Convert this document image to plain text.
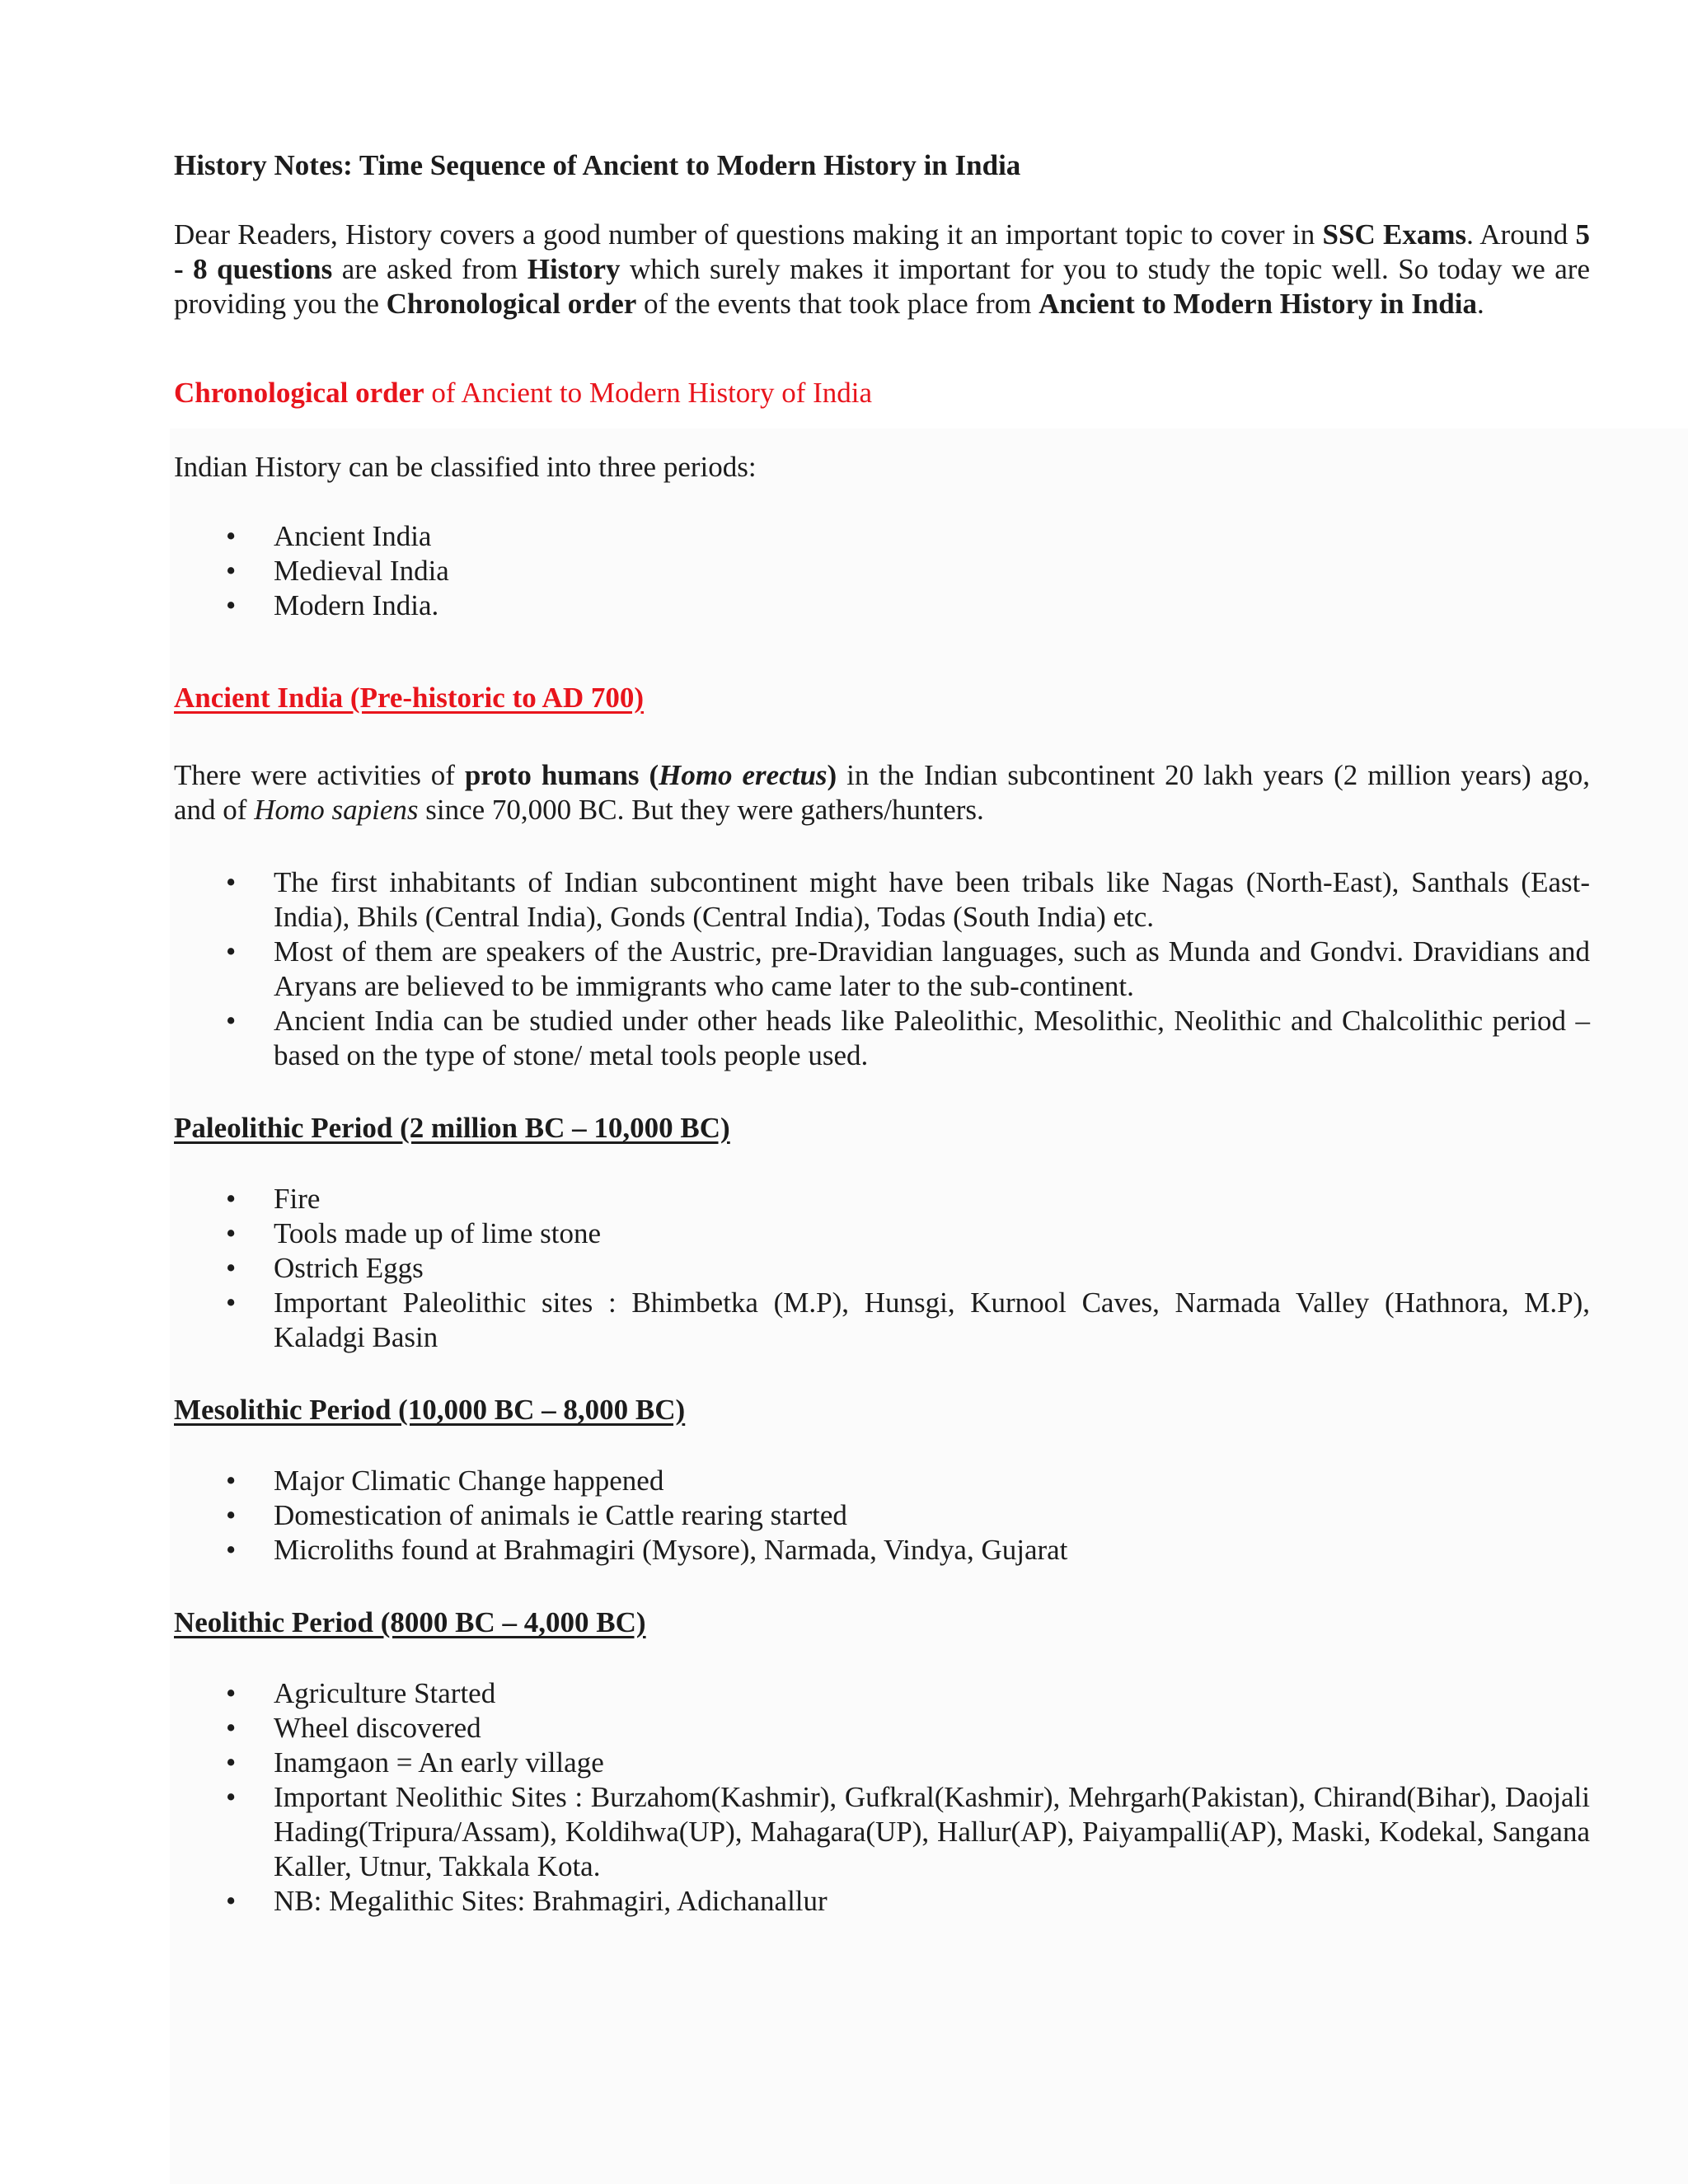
History Notes: Time Sequence of Ancient to Modern History in India

Dear Readers, History covers a good number of questions making it an important topic to cover in SSC Exams. Around 5 - 8 questions are asked from History which surely makes it important for you to study the topic well. So today we are providing you the Chronological order of the events that took place from Ancient to Modern History in India.

Chronological order of Ancient to Modern History of India

Indian History can be classified into three periods:

• Ancient India
• Medieval India
• Modern India.
Ancient India (Pre-historic to AD 700)

There were activities of proto humans (Homo erectus) in the Indian subcontinent 20 lakh years (2 million years) ago, and of Homo sapiens since 70,000 BC. But they were gathers/hunters.

• The first inhabitants of Indian subcontinent might have been tribals like Nagas (North-East), Santhals (East-India), Bhils (Central India), Gonds (Central India), Todas (South India) etc.
• Most of them are speakers of the Austric, pre-Dravidian languages, such as Munda and Gondvi. Dravidians and Aryans are believed to be immigrants who came later to the sub-continent.
• Ancient India can be studied under other heads like Paleolithic, Mesolithic, Neolithic and Chalcolithic period – based on the type of stone/ metal tools people used.
Paleolithic Period (2 million BC – 10,000 BC)
• Fire
• Tools made up of lime stone
• Ostrich Eggs
• Important Paleolithic sites : Bhimbetka (M.P), Hunsgi, Kurnool Caves, Narmada Valley (Hathnora, M.P), Kaladgi Basin
Mesolithic Period (10,000 BC – 8,000 BC)
• Major Climatic Change happened
• Domestication of animals ie Cattle rearing started
• Microliths found at Brahmagiri (Mysore), Narmada, Vindya, Gujarat
Neolithic Period (8000 BC – 4,000 BC)
• Agriculture Started
• Wheel discovered
• Inamgaon = An early village
• Important Neolithic Sites : Burzahom(Kashmir), Gufkral(Kashmir), Mehrgarh(Pakistan), Chirand(Bihar), Daojali Hading(Tripura/Assam), Koldihwa(UP), Mahagara(UP), Hallur(AP), Paiyampalli(AP), Maski, Kodekal, Sangana Kaller, Utnur, Takkala Kota.
• NB: Megalithic Sites: Brahmagiri, Adichanallur
